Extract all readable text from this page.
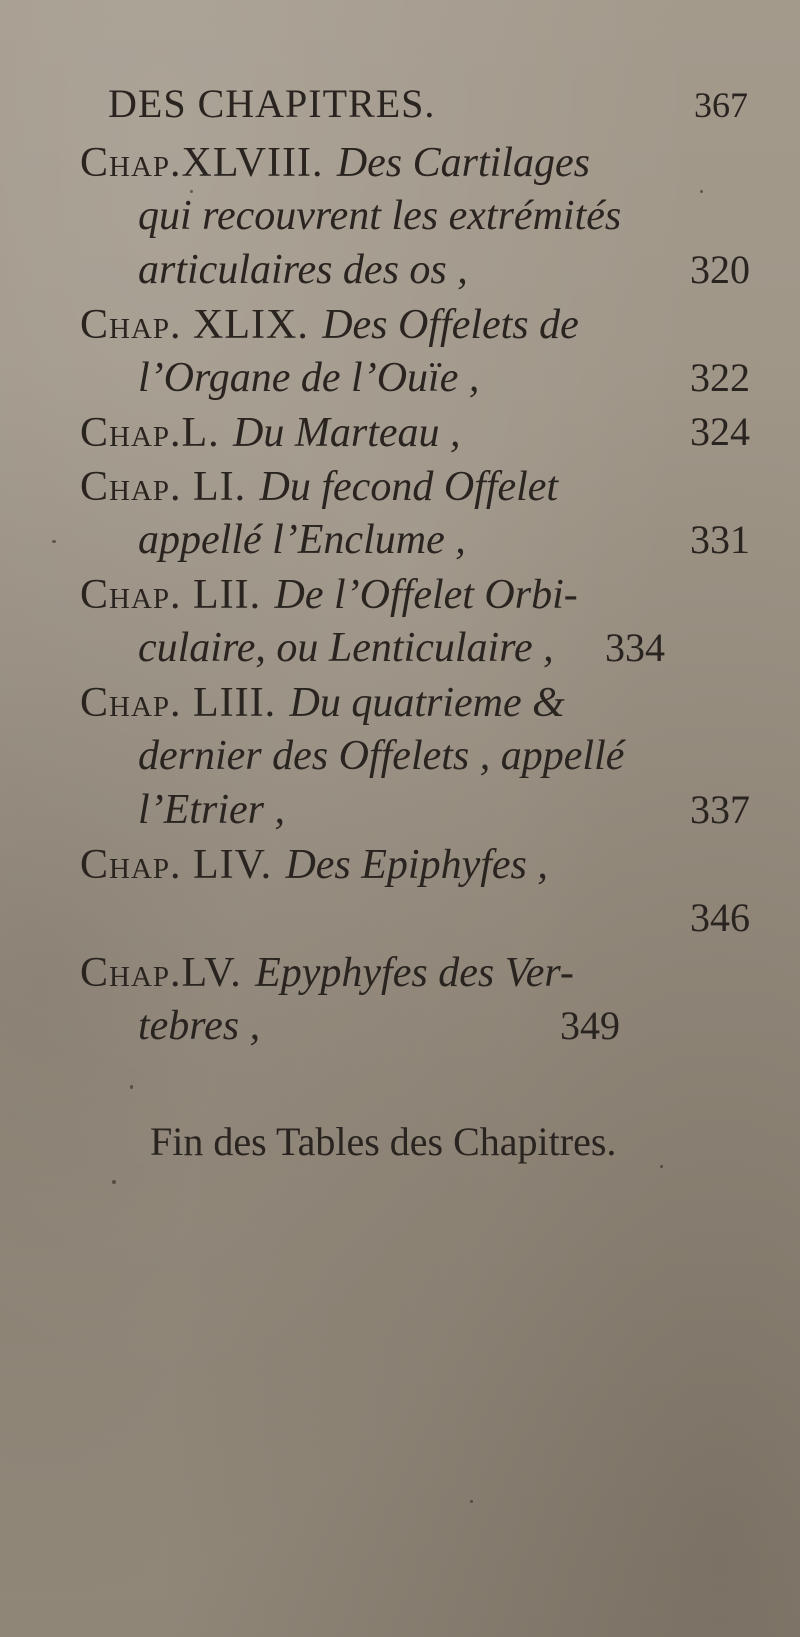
DES CHAPITRES.	367
Chap.XLVIII. Des Cartilages
qui recouvrent les extrémités
articulaires des os ,	320
Chap. XLIX. Des Offelets de
l’Organe de l’Ouïe ,	322
Chap.L. Du Marteau ,	324
Chap. LI. Du fecond Offelet
appellé l’Enclume ,	331
Chap. LII. De l’Offelet Orbi-
culaire, ou Lenticulaire , 334
Chap. LIII. Du quatrieme &
dernier des Offelets , appellé
l’Etrier ,	337
Chap. LIV. Des Epiphyfes ,
346
Chap.LV. Epyphyfes des Ver-
tebres ,	349
Fin des Tables des Chapitres.
